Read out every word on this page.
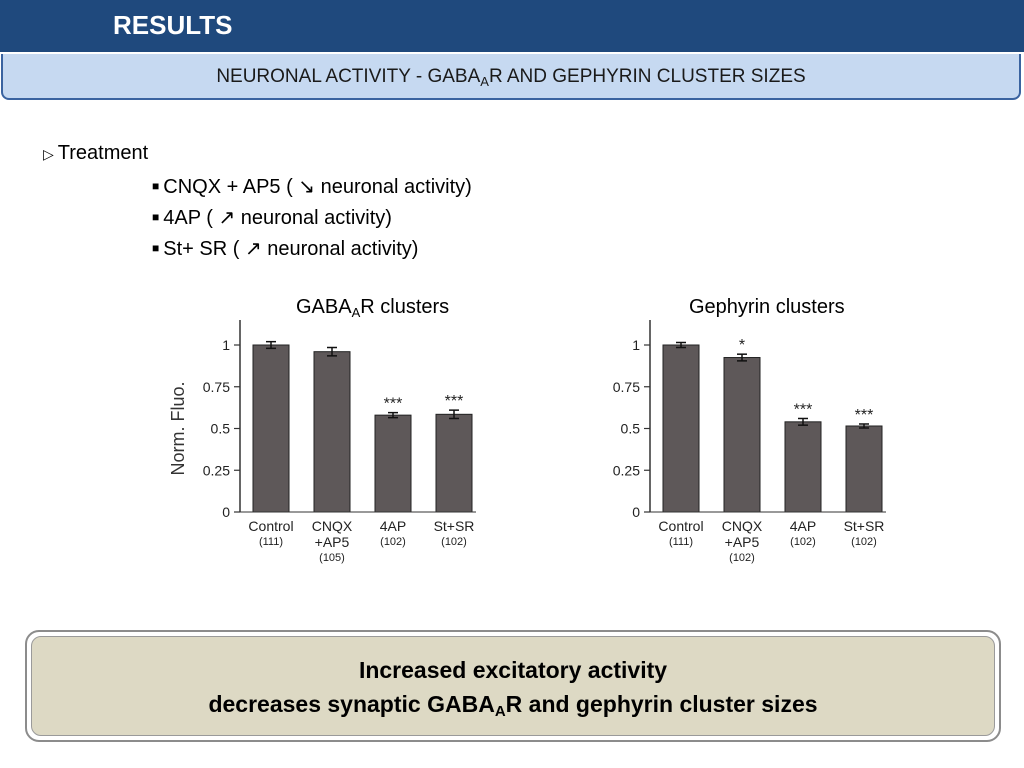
RESULTS
NEURONAL ACTIVITY - $GABA_AR$ AND GEPHYRIN CLUSTER SIZES
▷ Treatment
■ CNQX + AP5 ( ↘ neuronal activity)
■ 4AP ( ↗ neuronal activity)
■ St+ SR ( ↗ neuronal activity)
$GABA_AR$ clusters	Gephyrin clusters
0
0.25
0.5
0.75
1
Norm. Fluo.
Control
(111)
CNQX
+AP5
(105)
***
4AP
(102)
***
St+SR
(102)
0
0.25
0.5
0.75
1
Control
(111)
*
CNQX
+AP5
(102)
***
4AP
(102)
***
St+SR
(102)
Increased excitatory activity
decreases synaptic $GABA_AR$ and gephyrin cluster sizes
